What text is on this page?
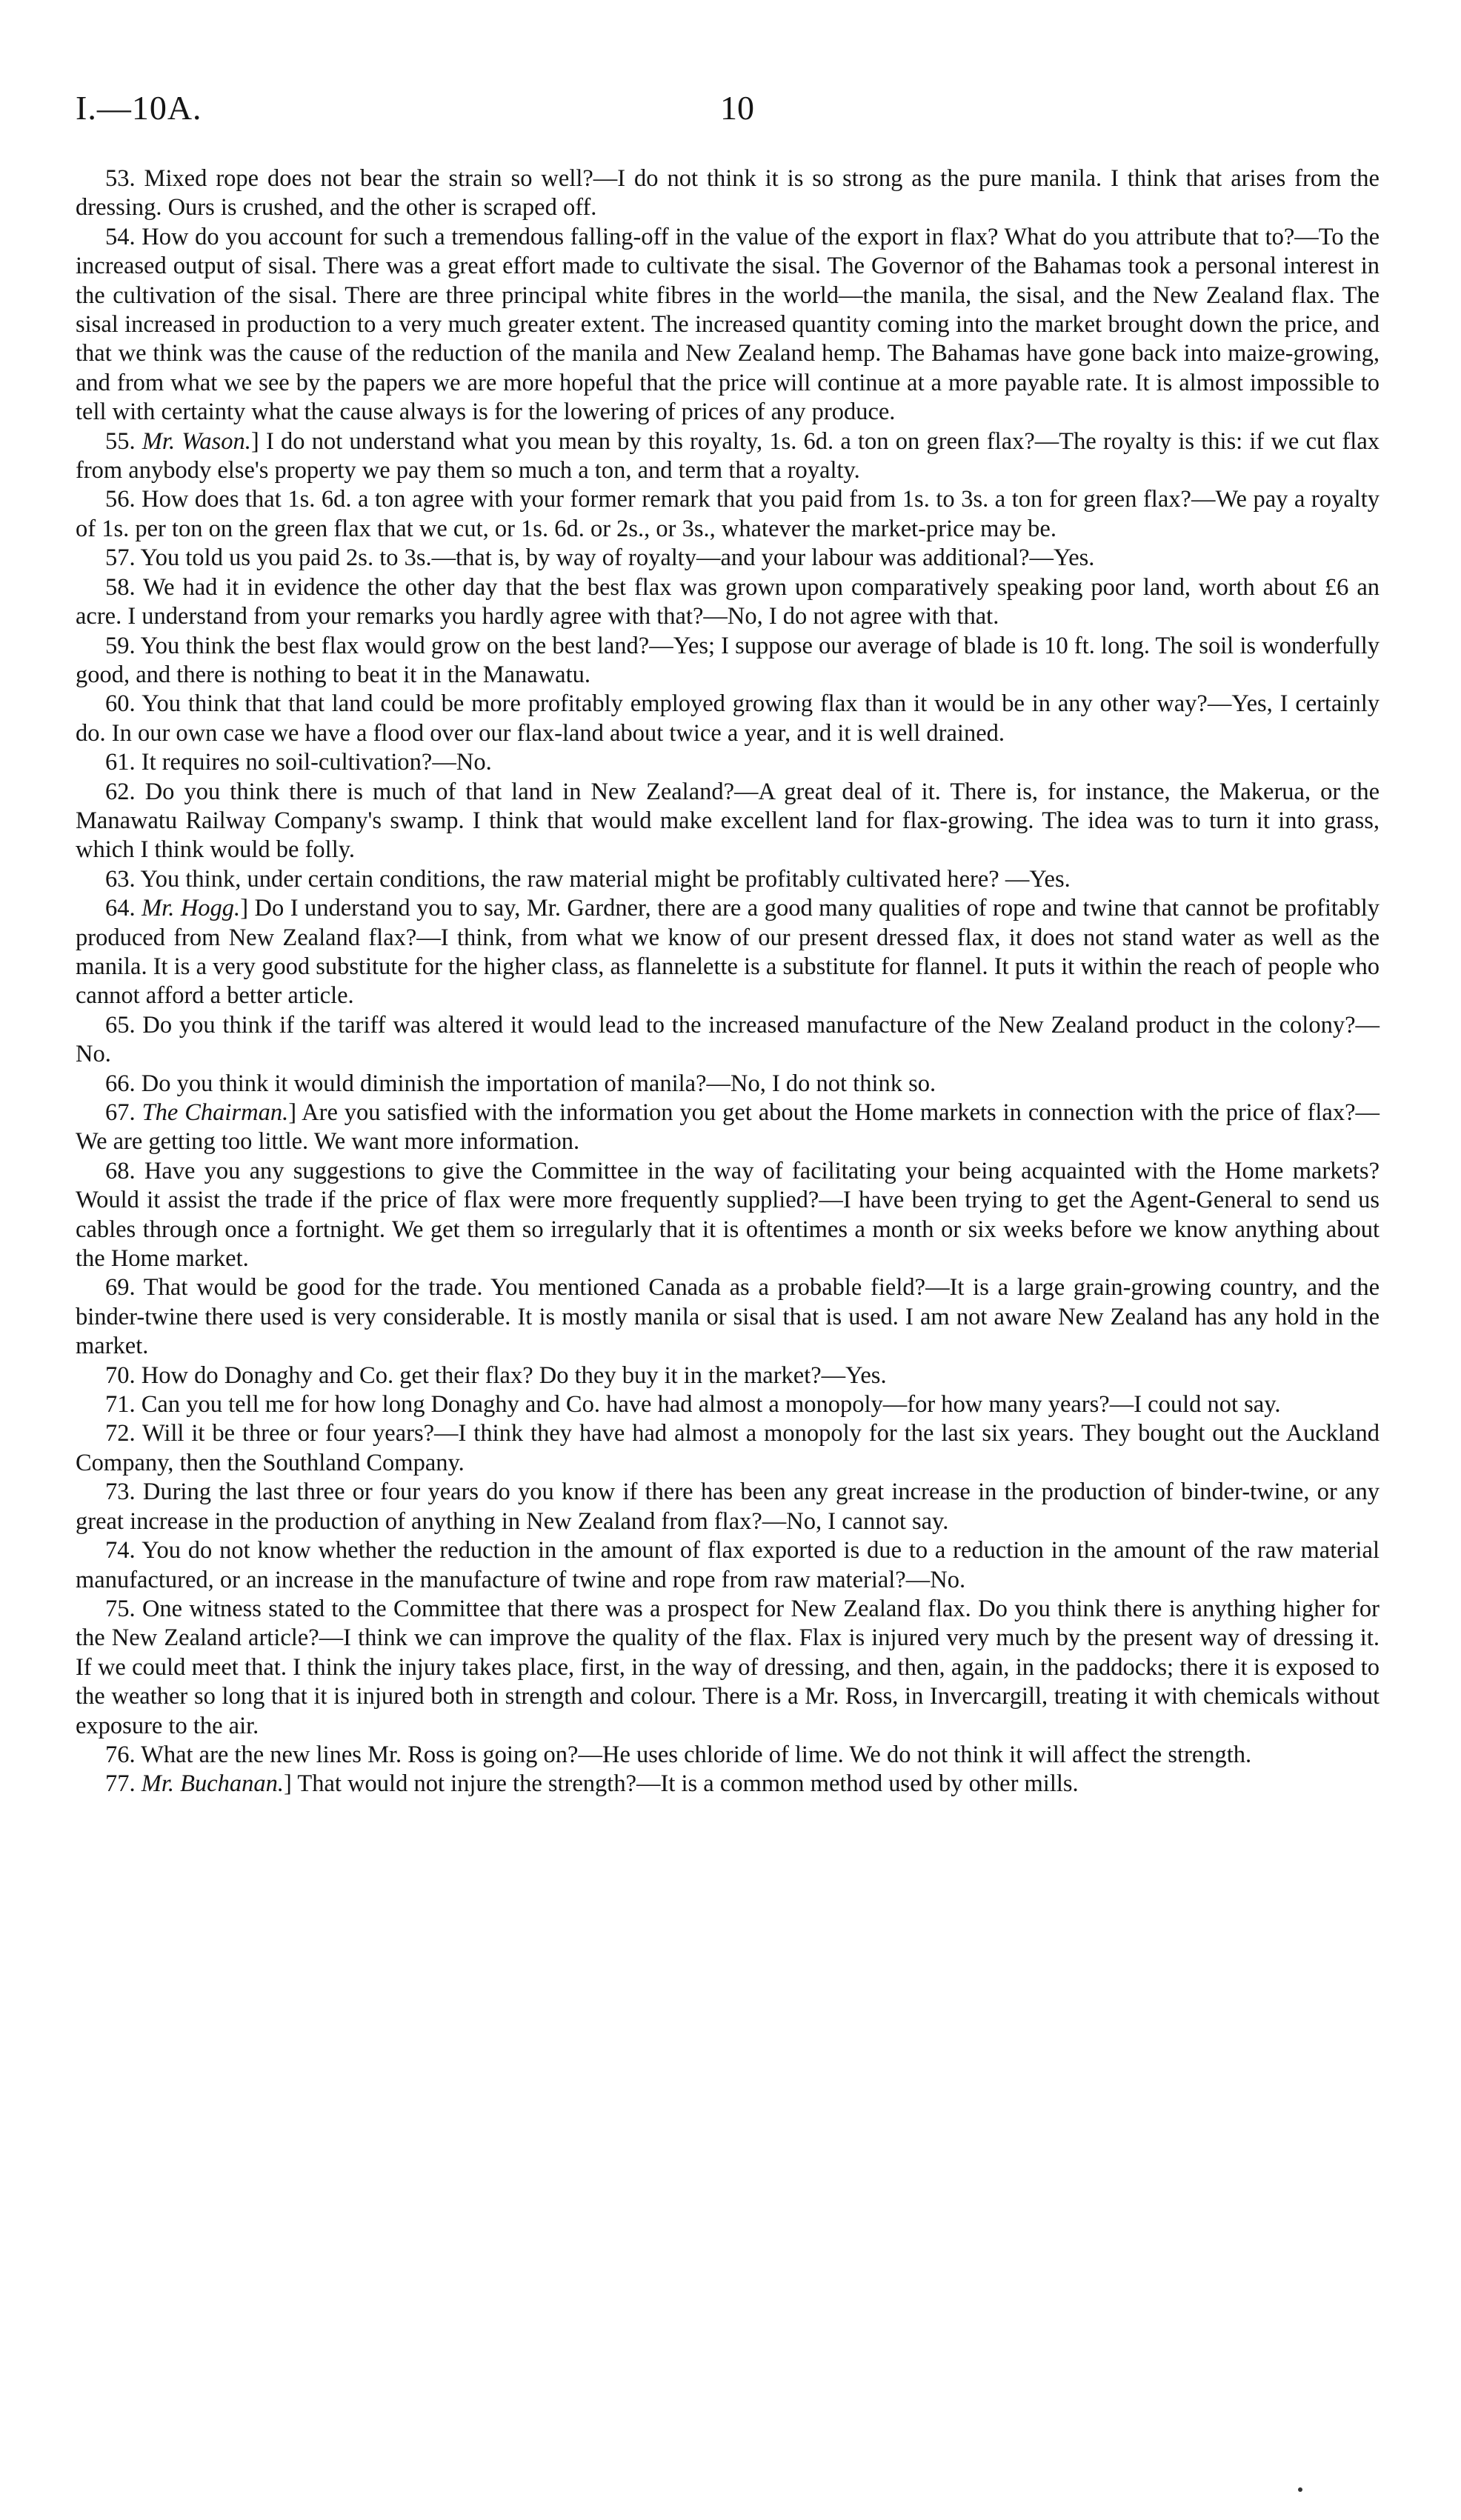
I.—10A.	10

53. Mixed rope does not bear the strain so well?—I do not think it is so strong as the pure manila. I think that arises from the dressing. Ours is crushed, and the other is scraped off.

54. How do you account for such a tremendous falling-off in the value of the export in flax? What do you attribute that to?—To the increased output of sisal. There was a great effort made to cultivate the sisal. The Governor of the Bahamas took a personal interest in the cultivation of the sisal. There are three principal white fibres in the world—the manila, the sisal, and the New Zealand flax. The sisal increased in production to a very much greater extent. The increased quantity coming into the market brought down the price, and that we think was the cause of the reduction of the manila and New Zealand hemp. The Bahamas have gone back into maize-growing, and from what we see by the papers we are more hopeful that the price will continue at a more payable rate. It is almost impossible to tell with certainty what the cause always is for the lowering of prices of any produce.

55. Mr. Wason.] I do not understand what you mean by this royalty, 1s. 6d. a ton on green flax?—The royalty is this: if we cut flax from anybody else's property we pay them so much a ton, and term that a royalty.

56. How does that 1s. 6d. a ton agree with your former remark that you paid from 1s. to 3s. a ton for green flax?—We pay a royalty of 1s. per ton on the green flax that we cut, or 1s. 6d. or 2s., or 3s., whatever the market-price may be.

57. You told us you paid 2s. to 3s.—that is, by way of royalty—and your labour was additional?—Yes.

58. We had it in evidence the other day that the best flax was grown upon comparatively speaking poor land, worth about £6 an acre. I understand from your remarks you hardly agree with that?—No, I do not agree with that.

59. You think the best flax would grow on the best land?—Yes; I suppose our average of blade is 10 ft. long. The soil is wonderfully good, and there is nothing to beat it in the Manawatu.

60. You think that that land could be more profitably employed growing flax than it would be in any other way?—Yes, I certainly do. In our own case we have a flood over our flax-land about twice a year, and it is well drained.

61. It requires no soil-cultivation?—No.

62. Do you think there is much of that land in New Zealand?—A great deal of it. There is, for instance, the Makerua, or the Manawatu Railway Company's swamp. I think that would make excellent land for flax-growing. The idea was to turn it into grass, which I think would be folly.

63. You think, under certain conditions, the raw material might be profitably cultivated here? —Yes.

64. Mr. Hogg.] Do I understand you to say, Mr. Gardner, there are a good many qualities of rope and twine that cannot be profitably produced from New Zealand flax?—I think, from what we know of our present dressed flax, it does not stand water as well as the manila. It is a very good substitute for the higher class, as flannelette is a substitute for flannel. It puts it within the reach of people who cannot afford a better article.

65. Do you think if the tariff was altered it would lead to the increased manufacture of the New Zealand product in the colony?—No.

66. Do you think it would diminish the importation of manila?—No, I do not think so.

67. The Chairman.] Are you satisfied with the information you get about the Home markets in connection with the price of flax?—We are getting too little. We want more information.

68. Have you any suggestions to give the Committee in the way of facilitating your being acquainted with the Home markets? Would it assist the trade if the price of flax were more frequently supplied?—I have been trying to get the Agent-General to send us cables through once a fortnight. We get them so irregularly that it is oftentimes a month or six weeks before we know anything about the Home market.

69. That would be good for the trade. You mentioned Canada as a probable field?—It is a large grain-growing country, and the binder-twine there used is very considerable. It is mostly manila or sisal that is used. I am not aware New Zealand has any hold in the market.

70. How do Donaghy and Co. get their flax? Do they buy it in the market?—Yes.

71. Can you tell me for how long Donaghy and Co. have had almost a monopoly—for how many years?—I could not say.

72. Will it be three or four years?—I think they have had almost a monopoly for the last six years. They bought out the Auckland Company, then the Southland Company.

73. During the last three or four years do you know if there has been any great increase in the production of binder-twine, or any great increase in the production of anything in New Zealand from flax?—No, I cannot say.

74. You do not know whether the reduction in the amount of flax exported is due to a reduction in the amount of the raw material manufactured, or an increase in the manufacture of twine and rope from raw material?—No.

75. One witness stated to the Committee that there was a prospect for New Zealand flax. Do you think there is anything higher for the New Zealand article?—I think we can improve the quality of the flax. Flax is injured very much by the present way of dressing it. If we could meet that. I think the injury takes place, first, in the way of dressing, and then, again, in the paddocks; there it is exposed to the weather so long that it is injured both in strength and colour. There is a Mr. Ross, in Invercargill, treating it with chemicals without exposure to the air.

76. What are the new lines Mr. Ross is going on?—He uses chloride of lime. We do not think it will affect the strength.

77. Mr. Buchanan.] That would not injure the strength?—It is a common method used by other mills.
